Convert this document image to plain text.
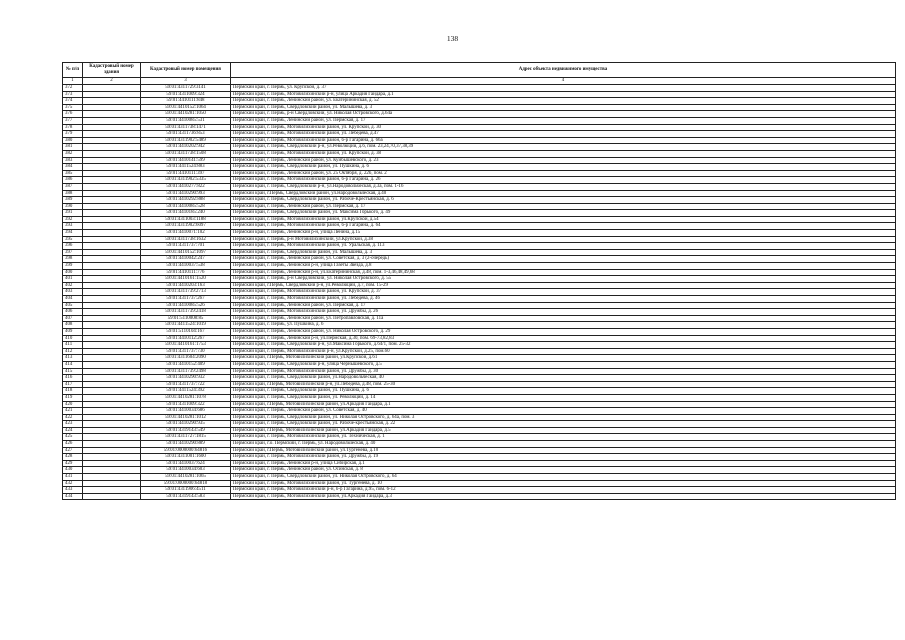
138
№ п/п	Кадастровый номер здания	Кадастровый номер помещения	Адрес объекта недвижимого имущества
1	2	3	4
372		59:01:4311729:3141	Пермский край, г. Пермь, ул. Крупской, д. 37
373		59:01:4311009:324	Пермский край, г. Пермь, Мотовилихинский р-н, улица Аркадия Гайдара, д.1
374		59:01:4410111:848	Пермский край, г. Пермь, Ленинский район, ул. Екатерининская, д. 52
375		59:01:4410152:1064	Пермский край, г. Пермь, Свердловский район, ул. Малышева, д. 3
376		59:01:4410281:1050	Пермский край, г. Пермь, р-н Свердловский, ул. Николая Островского, д.64а
377		59:01:4410085:531	Пермский край, г. Пермь, Ленинский район, ул. Пермская, д. 17
378		59:01:4311738:1471	Пермский край, г. Пермь, Мотовилихинский район, ул. Крупской, д. 30
379		59:01:4311736:853	Пермский край, г. Пермь, Мотовилихинский район, ул. Лебедева, д.47
380		59:01:4311902:5489	Пермский край, г. Пермь, Мотовилихинский район, б-р Гагарина, д. 66а
381		59:01:4410202:942	Пермский край, г. Пермь, Свердловский р-н, ул.Революции, д.6, пом. 23,24,70,37,38,39
382		59:01:4311738:1508	Пермский край, г. Пермь, Мотовилихинский район, ул. Крупской, д. 38
383		59:01:4410141:599	Пермский край, г. Пермь, Ленинский район, ул. Куйбышевского, д. 23
384		59:01:4411524:883	Пермский край, г. Пермь, Свердловский район, ул. Пушкина, д. 6
385		59:01:4410111:397	Пермский край, г. Пермь, Ленинский район, ул. 25 Октября, д. 22б, пом. 2
386		59:01:4311902:5335	Пермский край, г. Пермь, Мотовилихинский район, б-р Гагарина, д. 26
387		59:01:4410277:822	Пермский край, г. Пермь, Свердловский р-н, ул.Народовольческая, д.3а, пом. 1-16
388		59:01:4410290:993	Пермский край, г.Пермь, Свердловский район, ул.Народовольческая, д.40
389		59:01:4410292:888	Пермский край, г. Пермь, Свердловский район, ул. Рабоче-Крестьянская, д. 6
390		59:01:4410085:528	Пермский край, г. Пермь, Ленинский район, ул. Пермская, д. 17
391		59:01:4410185:240	Пермский край, г. Пермь, Свердловский район, ул. Максима Горького, д. 49
392		59:01:4311003:1188	Пермский край, г. Пермь, Мотовилихинский район, ул.Крупской, д.54
393		59:01:4311902:6097	Пермский край, г. Пермь, Мотовилихинский район, б-р Гагарина, д. 64
394		59:01:4410071:102	Пермский край, г. Пермь, Ленинский р-н, улица Ленина, д.15
395		59:01:4311738:1632	Пермский край, г. Пермь, р-н Мотовилихинский, ул.Крупской, д.38
396		59:01:4311737:701	Пермский край, г. Пермь, Мотовилихинский район, ул. Уральская, д. 113
397		59:01:4410152:1097	Пермский край, г. Пермь, Свердловский район, ул. Малышева, д. 3
398		59:01:4410042:247	Пермский край, г. Пермь, Ленинский район, ул. Советская, д. 3 (2-очередь)
399		59:01:4410037:538	Пермский край, г. Пермь, Ленинский р-н, улица Газеты Звезда, д.8
400		59:01:4410111:776	Пермский край, г. Пермь, Ленинский р-н, ул.Екатерининская, д.48, пом. 1-3,46,48,49,68
401		59:01:4410161:1520	Пермский край, г. Пермь, р-н Свердловский, ул. Николая Островского, д. 55
402		59:01:4410203:163	Пермский край, г.Пермь, Свердловский р-н, ул.Революции, д.7, пом. 15-29
403		59:01:4311739:2713	Пермский край, г. Пермь, Мотовилихинский район, ул. Крупской, д. 37
404		59:01:4311737:267	Пермский край, г. Пермь, Мотовилихинский район, ул. Лебедева, д. 46
405		59:01:4410085:526	Пермский край, г. Пермь, Ленинский район, ул. Пермская, д. 17
406		59:01:4311739:2418	Пермский край, г. Пермь, Мотовилихинский район, ул. Дружбы, д. 26
407		59:01:5110008:85	Пермский край, г. Пермь, Ленинский район, ул. Петропавловская, д. 11а
408		59:01:4411524:1019	Пермский край, г. Пермь, ул. Пушкина, д. 6
409		59:01:5110104:167	Пермский край, г. Пермь, Ленинский район, ул. Николая Островского, д. 29
410		59:01:4410112:267	Пермский край, г. Пермь, Ленинский р-н, ул.Пермская, д.30, пом. 69-73,82,83
411		59:01:4410161:1753	Пермский край, г. Пермь, Свердловский р-н, ул.Максима Горького, д.64/1, пом. 25-32
412		59:01:4311737:730	Пермский край, г. Пермь, Мотовилихинский р-н, ул.Крупской, д.25, пом.60
413		59:01:4311604:2090	Пермский край, г.Пермь, Мотовилихинский район, ул.Крупской, д.61
414		59:01:4410152:409	Пермский край, г. Пермь, Свердловский р-н, улица Чернышевского, д.5
415		59:01:4311739:2498	Пермский край, г. Пермь, Мотовилихинский район, ул. Дружбы, д. 30
416		59:01:4410290:932	Пермский край, г. Пермь, Свердловский район, ул.Народовольческая, 40
417		59:01:4311737:722	Пермский край, г.Пермь, Мотовилихинский р-н, ул.Лебедева, д.48, пом. 25-30
418		59:01:4411524:392	Пермский край, г. Пермь, Свердловский район, ул. Пушкина, д. 6
419		59:01:4410281:1078	Пермский край, г. Пермь, Свердловский район, ул. Революции, д. 14
420		59:01:4311009:322	Пермский край, г.Пермь, Мотовилихинский район, ул.Аркадия Гайдара, д.1
421		59:01:4410034:686	Пермский край, г. Пермь, Ленинский район, ул. Советская, д. 40
422		59:01:4410281:1012	Пермский край, г. Пермь, Свердловский район, ул. Николая Островского, д. 64а, пом. 3
423		59:01:4410290:935	Пермский край, г. Пермь, Свердловский район, ул. Рабоче-крестьянская, д. 22
424		59:01:4319143:549	Пермский край, г.Пермь, Мотовилихинский район, ул.Аркадия Гайдара, д.5
425		59:01:4311727:1815	Пермский край, г. Пермь, Мотовилихинский район, ул. Техническая, д. 1
426		59:01:4410290:889	Пермский край, г.о. Пермский, г. Пермь, ул. Народовольческая, д. 40
427		59:01:0000000:64816	Пермский край, г.Пермь, Мотовилихинский район, ул.Тургенева, д.10
428		59:01:4311001:1600	Пермский край, г. Пермь, Мотовилихинский район, ул. Дружбы, д. 19
429		59:01:4410037:624	Пермский край, г. Пермь, Ленинский р-н, улица Сибирская, д.1
430		59:01:4410034:603	Пермский край, г. Пермь, Ленинский район, ул. Осинская, д. 8
431		59:01:4410281:1065	Пермский край, г. Пермь, Свердловский район, ул. Николая Островского, д. 64
432		59:01:0000000:64818	Пермский край, г. Пермь, Мотовилихинский район, ул. Тургенева, д. 10
433		59:01:4311906:4511	Пермский край, г. Пермь, Мотовилихинский р-н, б-р Гагарина, д.95, пом. 6-12
434		59:01:4319143:583	Пермский край, г. Пермь, Мотовилихинский район, ул.Аркадия Гайдара, д.3
